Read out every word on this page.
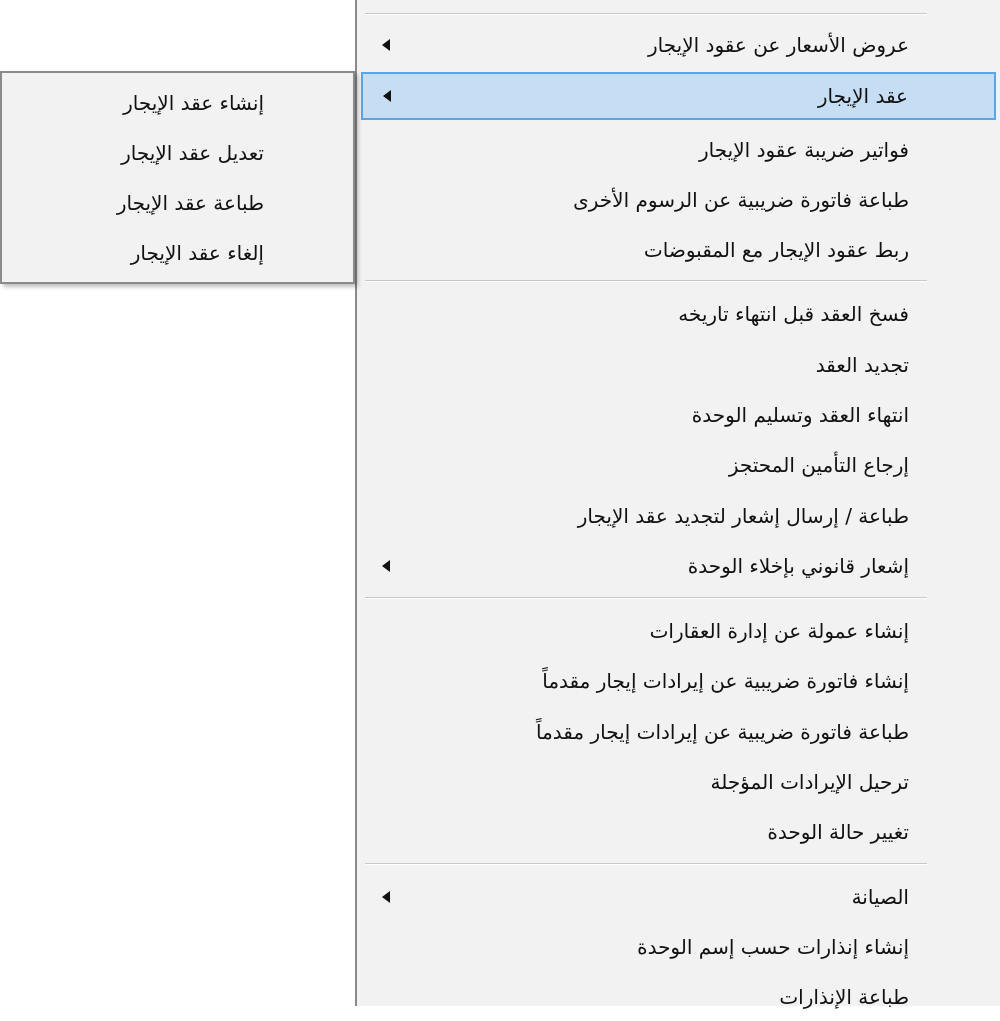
عروض الأسعار عن عقود الإيجار
عقد الإيجار
فواتير ضريبة عقود الإيجار
طباعة فاتورة ضريبية عن الرسوم الأخرى
ربط عقود الإيجار مع المقبوضات
فسخ العقد قبل انتهاء تاريخه
تجديد العقد
انتهاء العقد وتسليم الوحدة
إرجاع التأمين المحتجز
طباعة / إرسال إشعار لتجديد عقد الإيجار
إشعار قانوني بإخلاء الوحدة
إنشاء عمولة عن إدارة العقارات
إنشاء فاتورة ضريبية عن إيرادات إيجار مقدماً
طباعة فاتورة ضريبية عن إيرادات إيجار مقدماً
ترحيل الإيرادات المؤجلة
تغيير حالة الوحدة
الصيانة
إنشاء إنذارات حسب إسم الوحدة
طباعة الإنذارات
إنشاء عقد الإيجار
تعديل عقد الإيجار
طباعة عقد الإيجار
إلغاء عقد الإيجار
